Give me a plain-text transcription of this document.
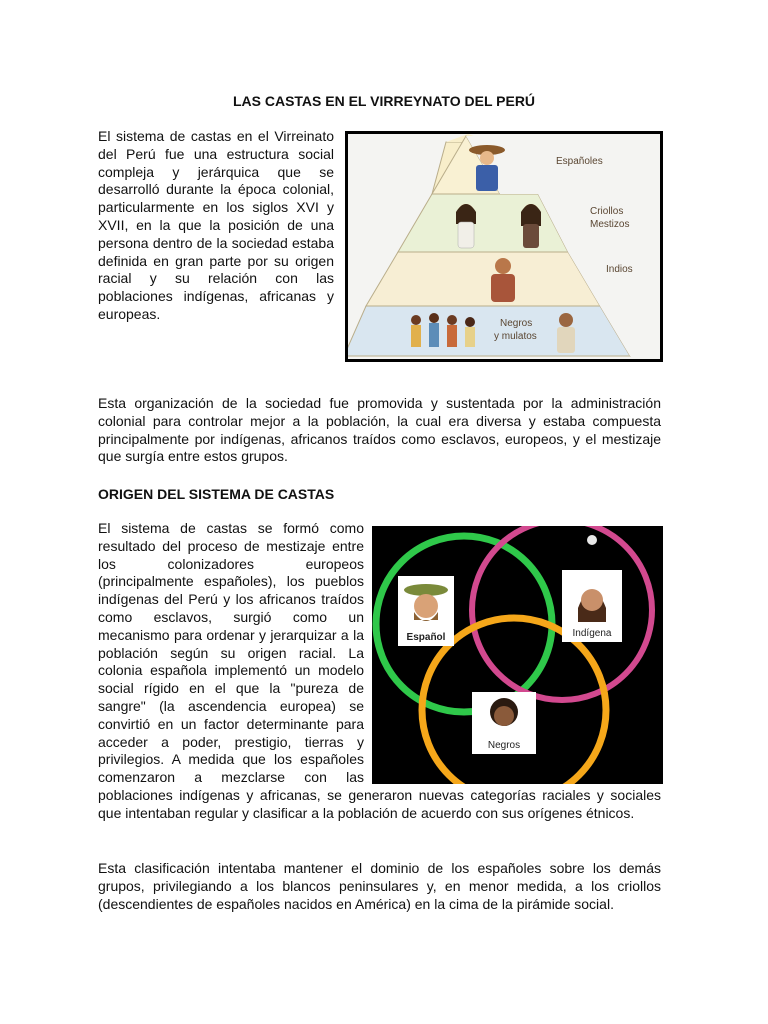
LAS CASTAS EN EL VIRREYNATO DEL PERÚ

El sistema de castas en el Virreinato del Perú fue una estructura social compleja y jerárquica que se desarrolló durante la época colonial, particularmente en los siglos XVI y XVII, en la que la posición de una persona dentro de la sociedad estaba definida en gran parte por su origen racial y su relación con las poblaciones indígenas, africanas y europeas.

Españoles
Criollos
Mestizos
Indios
Negros
y mulatos

Esta organización de la sociedad fue promovida y sustentada por la administración colonial para controlar mejor a la población, la cual era diversa y estaba compuesta principalmente por indígenas, africanos traídos como esclavos, europeos, y el mestizaje que surgía entre estos grupos.

ORIGEN DEL SISTEMA DE CASTAS
Español	Indígena
Negros

El sistema de castas se formó como resultado del proceso de mestizaje entre los colonizadores europeos (principalmente españoles), los pueblos indígenas del Perú y los africanos traídos como esclavos, surgió como un mecanismo para ordenar y jerarquizar a la población según su origen racial. La colonia española implementó un modelo social rígido en el que la "pureza de sangre" (la ascendencia europea) se convirtió en un factor determinante para acceder a poder, prestigio, tierras y privilegios. A medida que los españoles comenzaron a mezclarse con las poblaciones indígenas y africanas, se generaron nuevas categorías raciales y sociales que intentaban regular y clasificar a la población de acuerdo con sus orígenes étnicos.

Esta clasificación intentaba mantener el dominio de los españoles sobre los demás grupos, privilegiando a los blancos peninsulares y, en menor medida, a los criollos (descendientes de españoles nacidos en América) en la cima de la pirámide social.
